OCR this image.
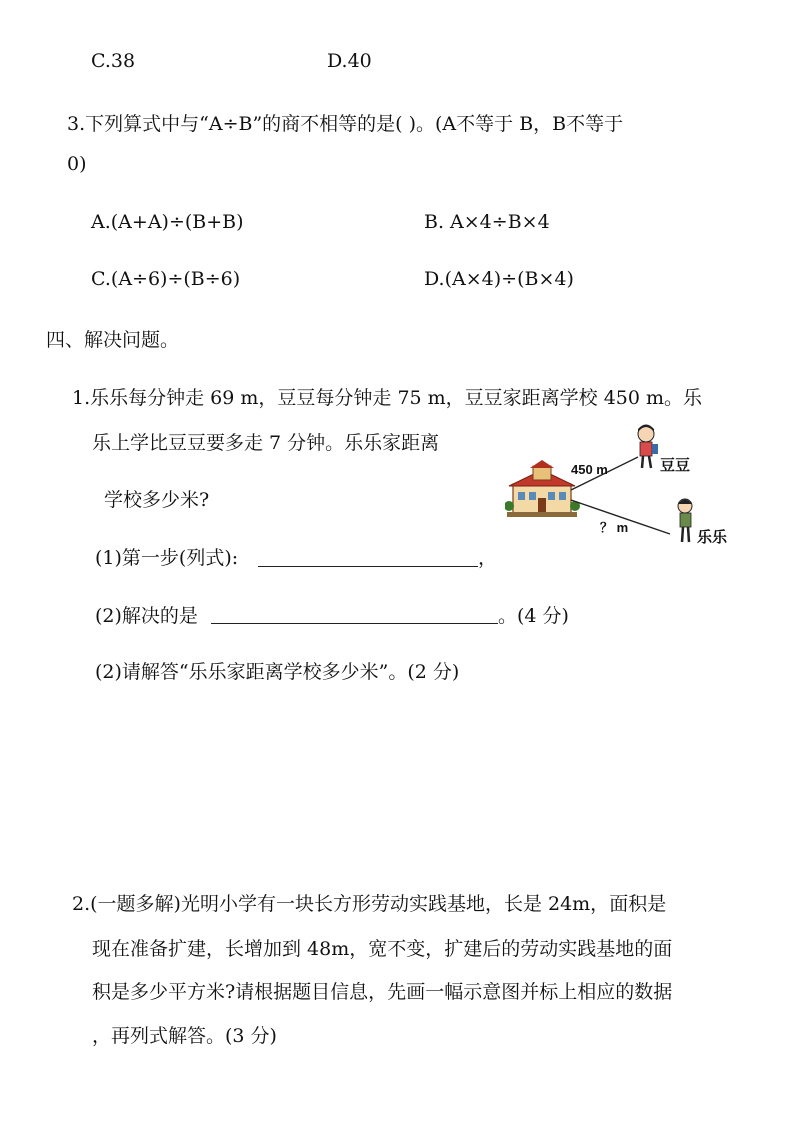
C.38	D.40
3.下列算式中与“A÷B”的商不相等的是( )。(A不等于 B，B不等于
0)
A.(A+A)÷(B+B)	B. A×4÷B×4
C.(A÷6)÷(B÷6)	D.(A×4)÷(B×4)
四、解决问题。
1.乐乐每分钟走 69 m，豆豆每分钟走 75 m，豆豆家距离学校 450 m。乐
乐上学比豆豆要多走 7 分钟。乐乐家距离
学校多少米?
(1)第一步(列式):	，
(2)解决的是	。(4 分)
(2)请解答“乐乐家距离学校多少米”。(2 分)
450 m
？ m
豆豆
乐乐
2.(一题多解)光明小学有一块长方形劳动实践基地，长是 24m，面积是
现在准备扩建，长增加到 48m，宽不变，扩建后的劳动实践基地的面
积是多少平方米?请根据题目信息，先画一幅示意图并标上相应的数据
，再列式解答。(3 分)
